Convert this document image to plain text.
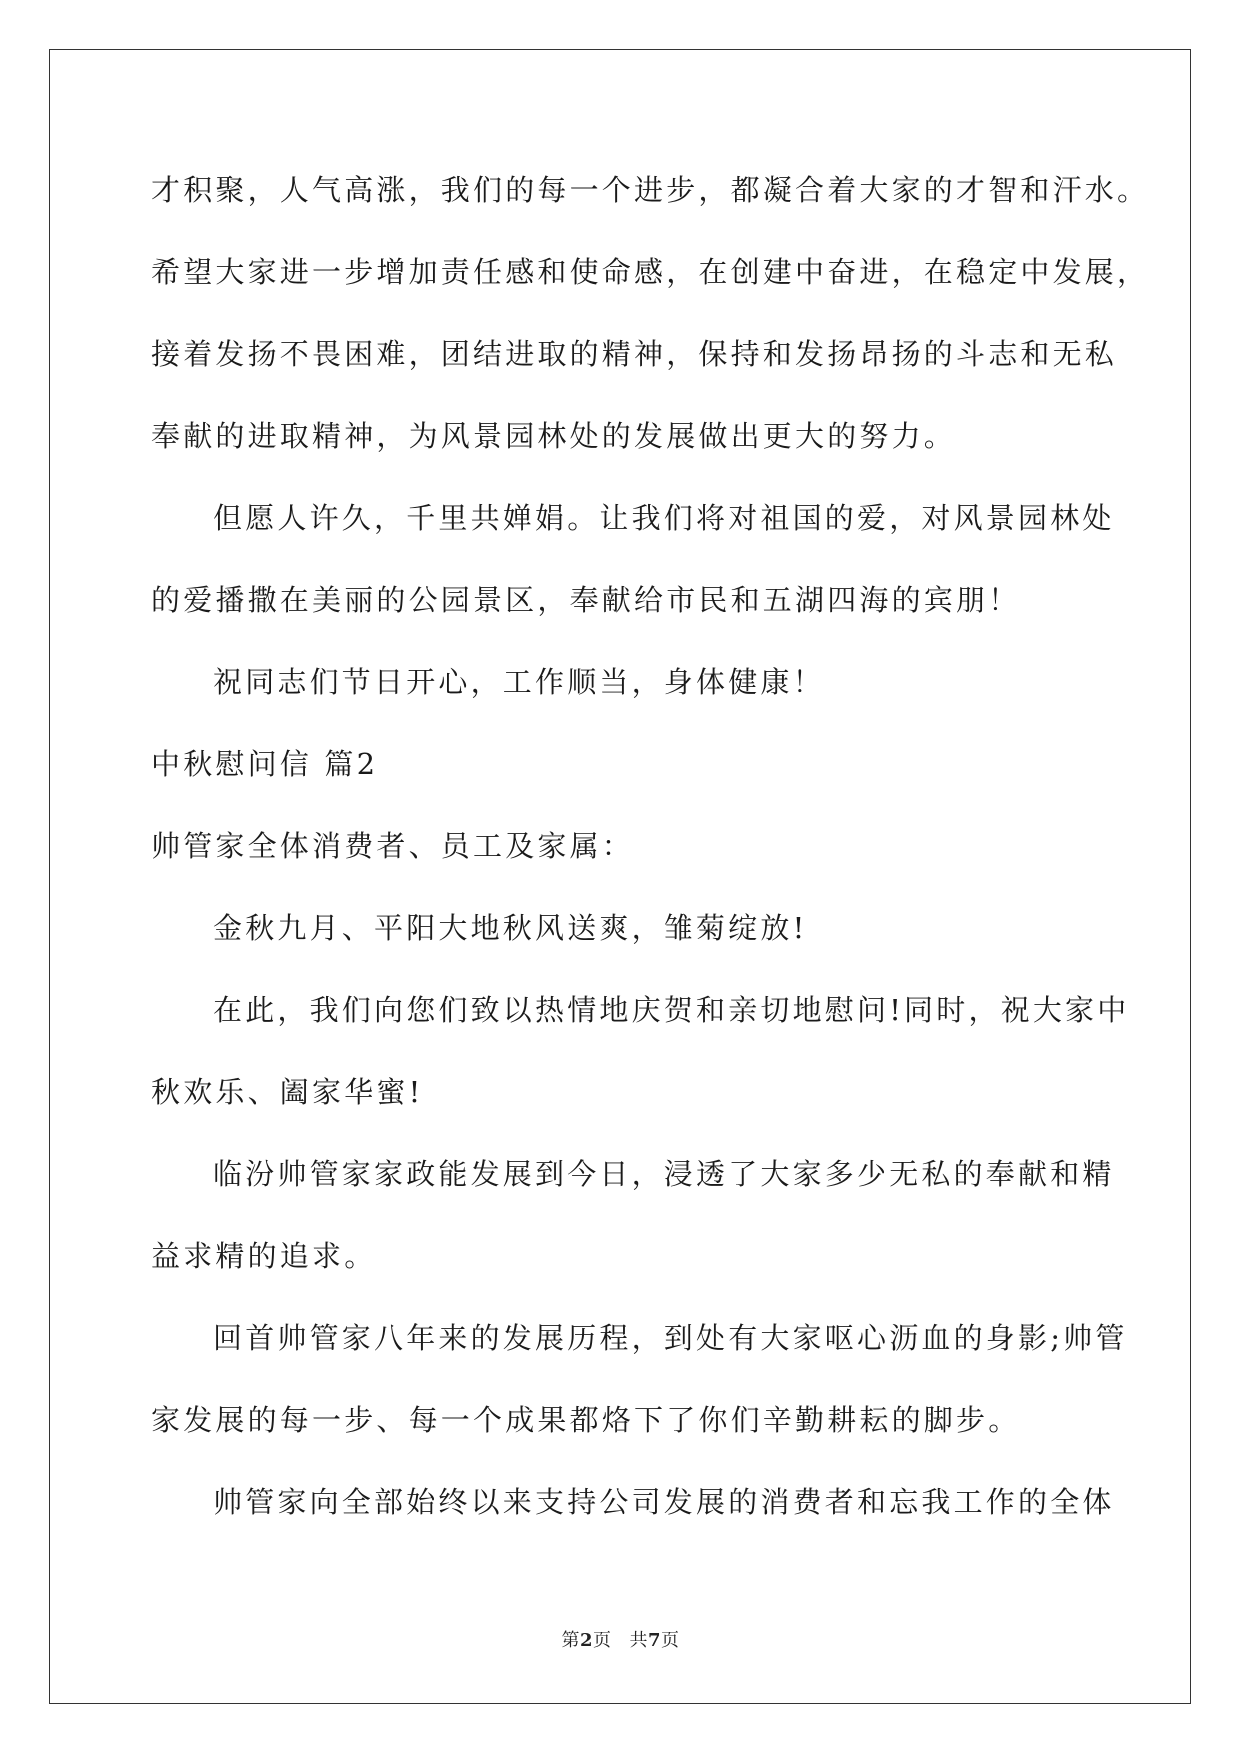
才积聚，人气高涨，我们的每一个进步，都凝合着大家的才智和汗水。
希望大家进一步增加责任感和使命感，在创建中奋进，在稳定中发展，
接着发扬不畏困难，团结进取的精神，保持和发扬昂扬的斗志和无私
奉献的进取精神，为风景园林处的发展做出更大的努力。
但愿人许久，千里共婵娟。让我们将对祖国的爱，对风景园林处
的爱播撒在美丽的公园景区，奉献给市民和五湖四海的宾朋！
祝同志们节日开心，工作顺当，身体健康！
中秋慰问信 篇2
帅管家全体消费者、员工及家属：
金秋九月、平阳大地秋风送爽，雏菊绽放!
在此，我们向您们致以热情地庆贺和亲切地慰问!同时，祝大家中
秋欢乐、阖家华蜜!
临汾帅管家家政能发展到今日，浸透了大家多少无私的奉献和精
益求精的追求。
回首帅管家八年来的发展历程，到处有大家呕心沥血的身影;帅管
家发展的每一步、每一个成果都烙下了你们辛勤耕耘的脚步。
帅管家向全部始终以来支持公司发展的消费者和忘我工作的全体
第2页 共7页
